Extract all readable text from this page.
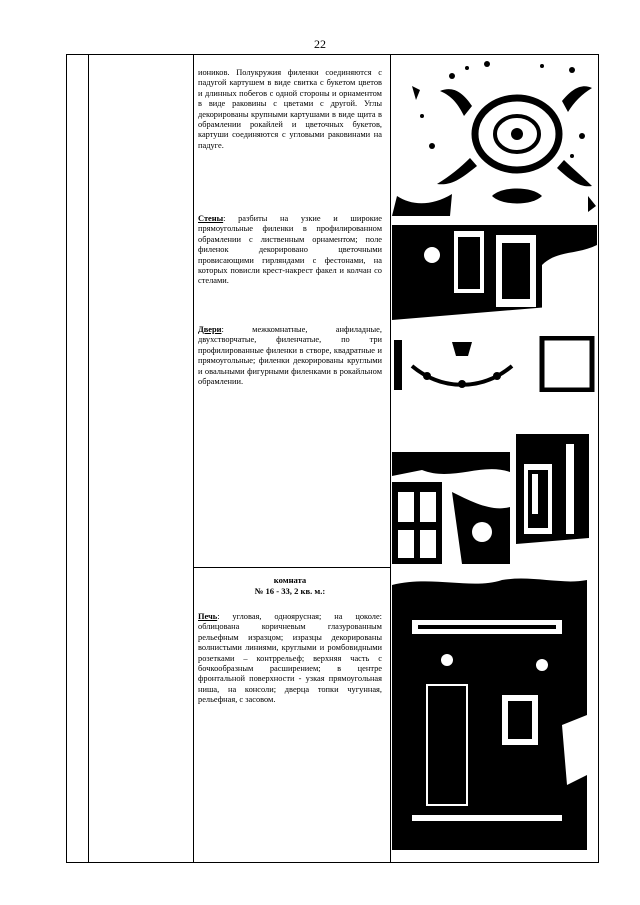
22

иоников. Полукружия филенки соединяются с падугой картушем в виде свитка с букетом цветов и длинных побегов с одной стороны и орнаментом в виде раковины с цветами с другой. Углы декорированы крупными картушами в виде щита в обрамлении рокайлей и цветочных букетов, картуши соединяются с угловыми раковинами на падуге.

Стены: разбиты на узкие и широкие прямоугольные филенки в профилированном обрамлении с лиственным орнаментом; поле филенок декорировано цветочными провисающими гирляндами с фестонами, на которых повисли крест-накрест факел и колчан со стелами.

Двери: межкомнатные, анфиладные, двухстворчатые, филенчатые, по три профилированные филенки в створе, квадратные и прямоугольные; филенки декорированы круглыми и овальными фигурными филенками в рокайльном обрамлении.

комната
№ 16 - 33, 2 кв. м.:

Печь: угловая, одноярусная; на цоколе: облицована коричневым глазурованным рельефным изразцом; изразцы декорированы волнистыми линиями, круглыми и ромбовидными розетками – контррельеф; верхняя часть с бочкообразным расширением; в центре фронтальной поверхности - узкая прямоугольная ниша, на консоли; дверца топки чугунная, рельефная, с засовом.
